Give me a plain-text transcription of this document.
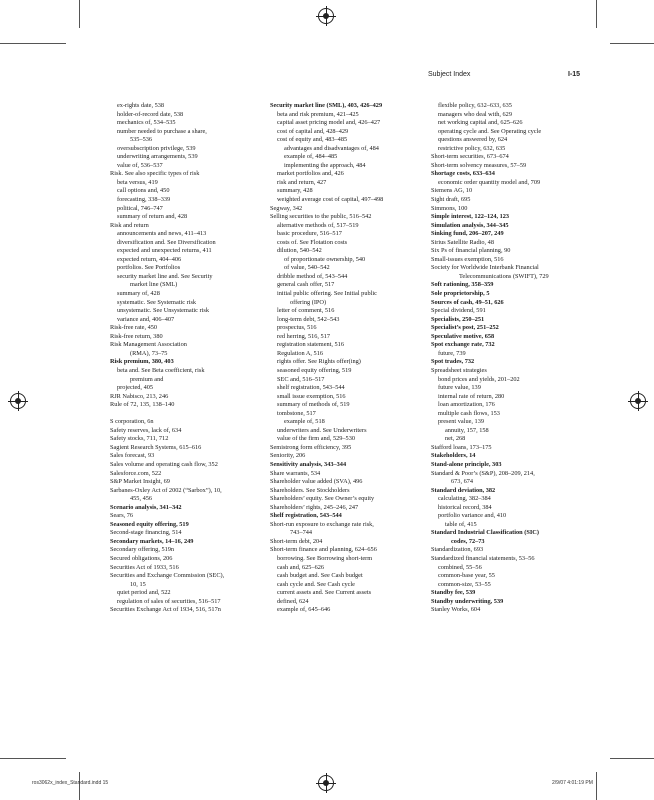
Subject Index	I-15
ex-rights date, 538
holder-of-record date, 538
mechanics of, 534–535
number needed to purchase a share,
535–536
oversubscription privilege, 539
underwriting arrangements, 539
value of, 536–537
Risk. See also specific types of risk
beta versus, 419
call options and, 450
forecasting, 338–339
political, 746–747
summary of return and, 428
Risk and return
announcements and news, 411–413
diversification and. See Diversification
expected and unexpected returns, 411
expected return, 404–406
portfolios. See Portfolios
security market line and. See Security
market line (SML)
summary of, 428
systematic. See Systematic risk
unsystematic. See Unsystematic risk
variance and, 406–407
Risk-free rate, 450
Risk-free return, 380
Risk Management Association
(RMA), 73–75
Risk premium, 380, 403
beta and. See Beta coefficient, risk
premium and
projected, 405
RJR Nabisco, 213, 246
Rule of 72, 135, 138–140
S corporation, 6n
Safety reserves, lack of, 634
Safety stocks, 711, 712
Sagient Research Systems, 615–616
Sales forecast, 93
Sales volume and operating cash flow, 352
Salesforce.com, 522
S&P Market Insight, 69
Sarbanes-Oxley Act of 2002 (“Sarbox”), 10,
455, 456
Scenario analysis, 341–342
Sears, 76
Seasoned equity offering, 519
Second-stage financing, 514
Secondary markets, 14–16, 249
Secondary offering, 519n
Secured obligations, 206
Securities Act of 1933, 516
Securities and Exchange Commission (SEC),
10, 15
quiet period and, 522
regulation of sales of securities, 516–517
Securities Exchange Act of 1934, 516, 517n
Security market line (SML), 403, 426–429
beta and risk premium, 421–425
capital asset pricing model and, 426–427
cost of capital and, 428–429
cost of equity and, 483–485
advantages and disadvantages of, 484
example of, 484–485
implementing the approach, 484
market portfolios and, 426
risk and return, 427
summary, 428
weighted average cost of capital, 497–498
Segway, 342
Selling securities to the public, 516–542
alternative methods of, 517–519
basic procedure, 516–517
costs of. See Flotation costs
dilution, 540–542
of proportionate ownership, 540
of value, 540–542
dribble method of, 543–544
general cash offer, 517
initial public offering. See Initial public
offering (IPO)
letter of comment, 516
long-term debt, 542–543
prospectus, 516
red herring, 516, 517
registration statement, 516
Regulation A, 516
rights offer. See Rights offer(ing)
seasoned equity offering, 519
SEC and, 516–517
shelf registration, 543–544
small issue exemption, 516
summary of methods of, 519
tombstone, 517
example of, 518
underwriters and. See Underwriters
value of the firm and, 529–530
Semistrong form efficiency, 395
Seniority, 206
Sensitivity analysis, 343–344
Share warrants, 534
Shareholder value added (SVA), 496
Shareholders. See Stockholders
Shareholders’ equity. See Owner’s equity
Shareholders’ rights, 245–246, 247
Shelf registration, 543–544
Short-run exposure to exchange rate risk,
743–744
Short-term debt, 204
Short-term finance and planning, 624–656
borrowing. See Borrowing short-term
cash and, 625–626
cash budget and. See Cash budget
cash cycle and. See Cash cycle
current assets and. See Current assets
defined, 624
example of, 645–646
flexible policy, 632–633, 635
managers who deal with, 629
net working capital and, 625–626
operating cycle and. See Operating cycle
questions answered by, 624
restrictive policy, 632, 635
Short-term securities, 673–674
Short-term solvency measures, 57–59
Shortage costs, 633–634
economic order quantity model and, 709
Siemens AG, 10
Sight draft, 695
Simmons, 100
Simple interest, 122–124, 123
Simulation analysis, 344–345
Sinking fund, 206–207, 249
Sirius Satellite Radio, 48
Six Ps of financial planning, 90
Small-issues exemption, 516
Society for Worldwide Interbank Financial
Telecommunications (SWIFT), 729
Soft rationing, 358–359
Sole proprietorship, 5
Sources of cash, 49–51, 626
Special dividend, 591
Specialists, 250–251
Specialist’s post, 251–252
Speculative motive, 658
Spot exchange rate, 732
future, 739
Spot trades, 732
Spreadsheet strategies
bond prices and yields, 201–202
future value, 139
internal rate of return, 280
loan amortization, 176
multiple cash flows, 153
present value, 139
annuity, 157, 158
net, 268
Stafford loans, 173–175
Stakeholders, 14
Stand-alone principle, 303
Standard & Poor’s (S&P), 208–209, 214,
673, 674
Standard deviation, 382
calculating, 382–384
historical record, 384
portfolio variance and, 410
table of, 415
Standard Industrial Classification (SIC)
codes, 72–73
Standardization, 693
Standardized financial statements, 53–56
combined, 55–56
common-base year, 55
common-size, 53–55
Standby fee, 539
Standby underwriting, 539
Stanley Works, 604
ros3062x_index_Standard.indd 15	2/9/07 4:01:19 PM
